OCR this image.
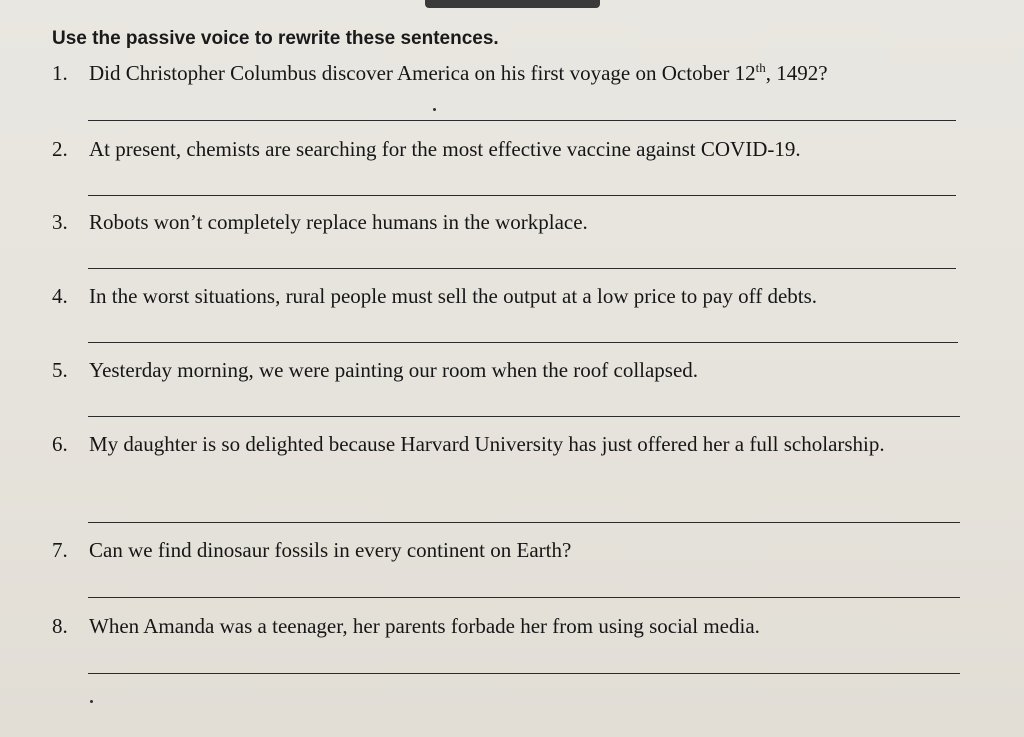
Use the passive voice to rewrite these sentences.
1. Did Christopher Columbus discover America on his first voyage on October 12th, 1492?
2. At present, chemists are searching for the most effective vaccine against COVID-19.
3. Robots won’t completely replace humans in the workplace.
4. In the worst situations, rural people must sell the output at a low price to pay off debts.
5. Yesterday morning, we were painting our room when the roof collapsed.
6. My daughter is so delighted because Harvard University has just offered her a full scholarship.
7. Can we find dinosaur fossils in every continent on Earth?
8. When Amanda was a teenager, her parents forbade her from using social media.
